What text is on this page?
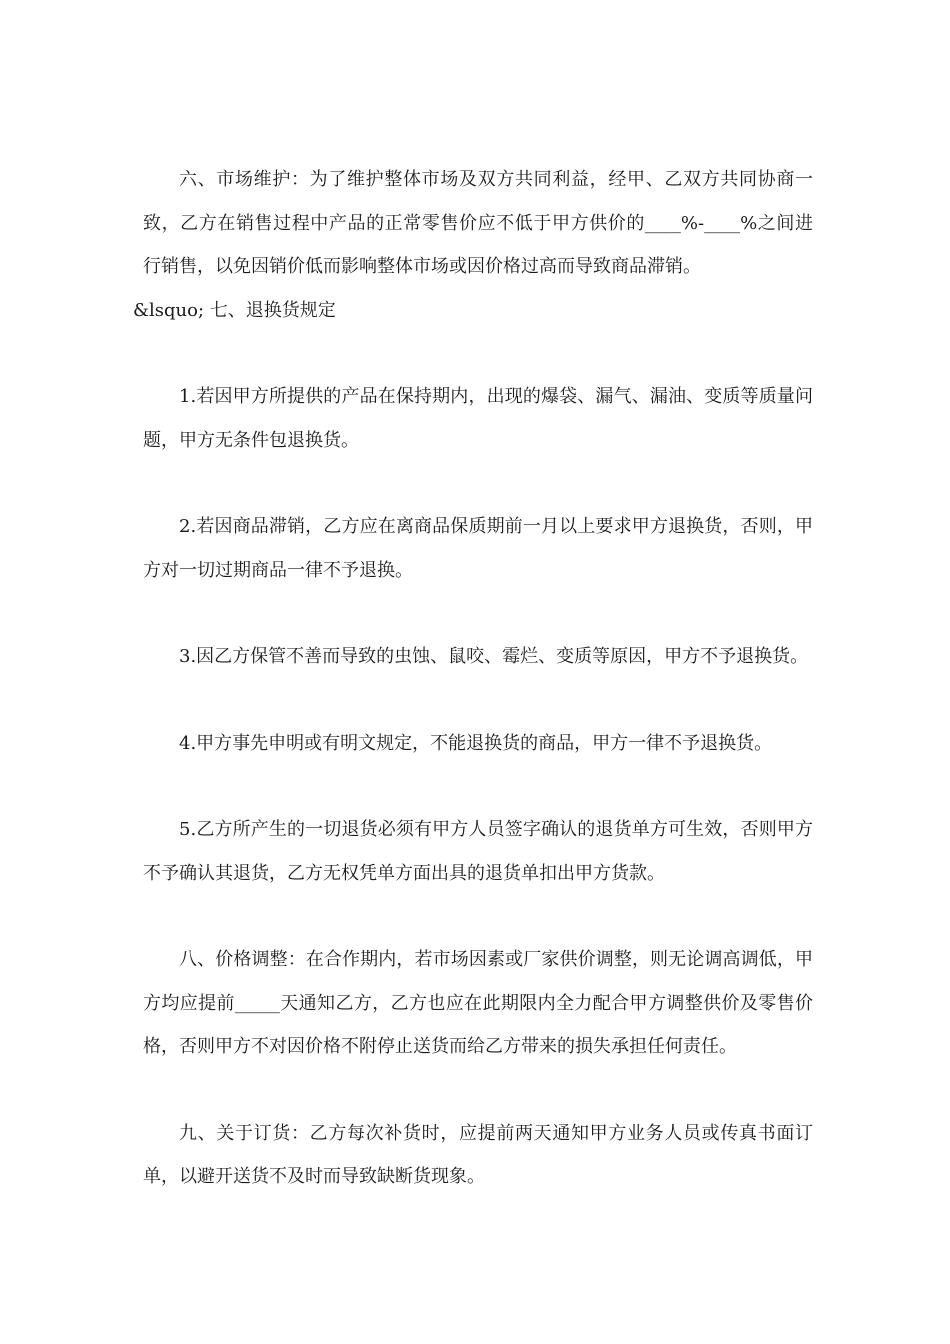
六、市场维护：为了维护整体市场及双方共同利益，经甲、乙双方共同协商一致，乙方在销售过程中产品的正常零售价应不低于甲方供价的____%-____%之间进行销售，以免因销价低而影响整体市场或因价格过高而导致商品滞销。
&lsquo; 七、退换货规定

1.若因甲方所提供的产品在保持期内，出现的爆袋、漏气、漏油、变质等质量问题，甲方无条件包退换货。

2.若因商品滞销，乙方应在离商品保质期前一月以上要求甲方退换货，否则，甲方对一切过期商品一律不予退换。

3.因乙方保管不善而导致的虫蚀、鼠咬、霉烂、变质等原因，甲方不予退换货。

4.甲方事先申明或有明文规定，不能退换货的商品，甲方一律不予退换货。

5.乙方所产生的一切退货必须有甲方人员签字确认的退货单方可生效，否则甲方不予确认其退货，乙方无权凭单方面出具的退货单扣出甲方货款。

八、价格调整：在合作期内，若市场因素或厂家供价调整，则无论调高调低，甲方均应提前_____天通知乙方，乙方也应在此期限内全力配合甲方调整供价及零售价格，否则甲方不对因价格不附停止送货而给乙方带来的损失承担任何责任。

九、关于订货：乙方每次补货时，应提前两天通知甲方业务人员或传真书面订单，以避开送货不及时而导致缺断货现象。
